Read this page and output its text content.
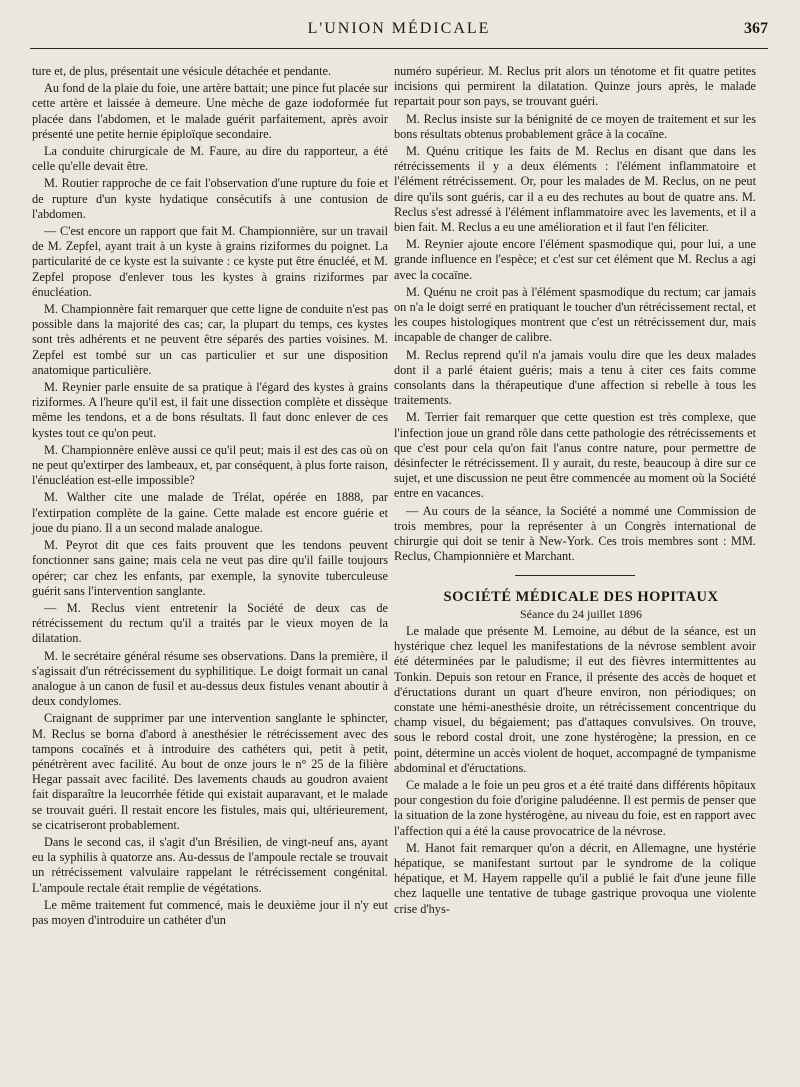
L'UNION MÉDICALE	367

ture et, de plus, présentait une vésicule détachée et pendante.

Au fond de la plaie du foie, une artère battait; une pince fut placée sur cette artère et laissée à demeure. Une mèche de gaze iodoformée fut placée dans l'abdomen, et le malade guérit parfaitement, après avoir présenté une petite hernie épiploïque secondaire.

La conduite chirurgicale de M. Faure, au dire du rapporteur, a été celle qu'elle devait être.

M. Routier rapproche de ce fait l'observation d'une rupture du foie et de rupture d'un kyste hydatique consécutifs à une contusion de l'abdomen.

— C'est encore un rapport que fait M. Championnière, sur un travail de M. Zepfel, ayant trait à un kyste à grains riziformes du poignet. La particularité de ce kyste est la suivante : ce kyste put être énucléé, et M. Zepfel propose d'enlever tous les kystes à grains riziformes par énucléation.

M. Championnère fait remarquer que cette ligne de conduite n'est pas possible dans la majorité des cas; car, la plupart du temps, ces kystes sont très adhérents et ne peuvent être séparés des parties voisines. M. Zepfel est tombé sur un cas particulier et sur une disposition anatomique particulière.

M. Reynier parle ensuite de sa pratique à l'égard des kystes à grains riziformes. A l'heure qu'il est, il fait une dissection complète et dissèque même les tendons, et a de bons résultats. Il faut donc enlever de ces kystes tout ce qu'on peut.

M. Championnère enlève aussi ce qu'il peut; mais il est des cas où on ne peut qu'extirper des lambeaux, et, par conséquent, à plus forte raison, l'énucléation est-elle impossible?

M. Walther cite une malade de Trélat, opérée en 1888, par l'extirpation complète de la gaine. Cette malade est encore guérie et joue du piano. Il a un second malade analogue.

M. Peyrot dit que ces faits prouvent que les tendons peuvent fonctionner sans gaine; mais cela ne veut pas dire qu'il faille toujours opérer; car chez les enfants, par exemple, la synovite tuberculeuse guérit sans l'intervention sanglante.

— M. Reclus vient entretenir la Société de deux cas de rétrécissement du rectum qu'il a traités par le vieux moyen de la dilatation.

M. le secrétaire général résume ses observations. Dans la première, il s'agissait d'un rétrécissement du syphilitique. Le doigt formait un canal analogue à un canon de fusil et au-dessus deux fistules venant aboutir à deux condylomes.

Craignant de supprimer par une intervention sanglante le sphincter, M. Reclus se borna d'abord à anesthésier le rétrécissement avec des tampons cocaïnés et à introduire des cathéters qui, petit à petit, pénétrèrent avec facilité. Au bout de onze jours le n° 25 de la filière Hegar passait avec facilité. Des lavements chauds au goudron avaient fait disparaître la leucorrhée fétide qui existait auparavant, et le malade se trouvait guéri. Il restait encore les fistules, mais qui, ultérieurement, se cicatriseront probablement.

Dans le second cas, il s'agit d'un Brésilien, de vingt-neuf ans, ayant eu la syphilis à quatorze ans. Au-dessus de l'ampoule rectale se trouvait un rétrécissement valvulaire rappelant le rétrécissement congénital. L'ampoule rectale était remplie de végétations.

Le même traitement fut commencé, mais le deuxième jour il n'y eut pas moyen d'introduire un cathéter d'un

numéro supérieur. M. Reclus prit alors un ténotome et fit quatre petites incisions qui permirent la dilatation. Quinze jours après, le malade repartait pour son pays, se trouvant guéri.

M. Reclus insiste sur la bénignité de ce moyen de traitement et sur les bons résultats obtenus probablement grâce à la cocaïne.

M. Quénu critique les faits de M. Reclus en disant que dans les rétrécissements il y a deux éléments : l'élément inflammatoire et l'élément rétrécissement. Or, pour les malades de M. Reclus, on ne peut dire qu'ils sont guéris, car il a eu des rechutes au bout de quatre ans. M. Reclus s'est adressé à l'élément inflammatoire avec les lavements, et il a bien fait. M. Reclus a eu une amélioration et il faut l'en féliciter.

M. Reynier ajoute encore l'élément spasmodique qui, pour lui, a une grande influence en l'espèce; et c'est sur cet élément que M. Reclus a agi avec la cocaïne.

M. Quénu ne croit pas à l'élément spasmodique du rectum; car jamais on n'a le doigt serré en pratiquant le toucher d'un rétrécissement rectal, et les coupes histologiques montrent que c'est un rétrécissement dur, mais incapable de changer de calibre.

M. Reclus reprend qu'il n'a jamais voulu dire que les deux malades dont il a parlé étaient guéris; mais a tenu à citer ces faits comme consolants dans la thérapeutique d'une affection si rebelle à tous les traitements.

M. Terrier fait remarquer que cette question est très complexe, que l'infection joue un grand rôle dans cette pathologie des rétrécissements et que c'est pour cela qu'on fait l'anus contre nature, pour permettre de désinfecter le rétrécissement. Il y aurait, du reste, beaucoup à dire sur ce sujet, et une discussion ne peut être commencée au moment où la Société entre en vacances.

— Au cours de la séance, la Société a nommé une Commission de trois membres, pour la représenter à un Congrès international de chirurgie qui doit se tenir à New-York. Ces trois membres sont : MM. Reclus, Championnière et Marchant.

SOCIÉTÉ MÉDICALE DES HOPITAUX

Séance du 24 juillet 1896

Le malade que présente M. Lemoine, au début de la séance, est un hystérique chez lequel les manifestations de la névrose semblent avoir été déterminées par le paludisme; il eut des fièvres intermittentes au Tonkin. Depuis son retour en France, il présente des accès de hoquet et d'éructations durant un quart d'heure environ, non périodiques; on constate une hémi-anesthésie droite, un rétrécissement concentrique du champ visuel, du bégaiement; pas d'attaques convulsives. On trouve, sous le rebord costal droit, une zone hystérogène; la pression, en ce point, détermine un accès violent de hoquet, accompagné de tympanisme abdominal et d'éructations.

Ce malade a le foie un peu gros et a été traité dans différents hôpitaux pour congestion du foie d'origine paludéenne. Il est permis de penser que la situation de la zone hystérogène, au niveau du foie, est en rapport avec l'affection qui a été la cause provocatrice de la névrose.

M. Hanot fait remarquer qu'on a décrit, en Allemagne, une hystérie hépatique, se manifestant surtout par le syndrome de la colique hépatique, et M. Hayem rappelle qu'il a publié le fait d'une jeune fille chez laquelle une tentative de tubage gastrique provoqua une violente crise d'hys-
